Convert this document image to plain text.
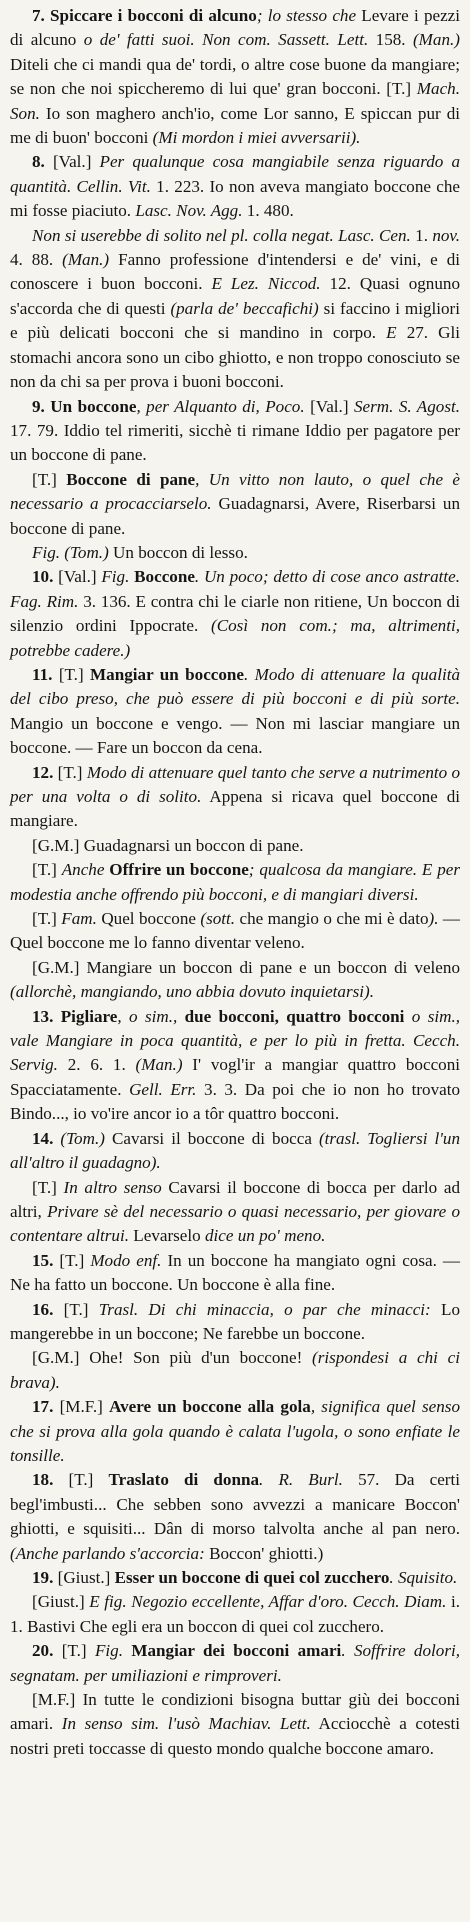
7. Spiccare i bocconi di alcuno; lo stesso che Levare i pezzi di alcuno o de' fatti suoi. Non com. Sassett. Lett. 158. (Man.) Diteli che ci mandi qua de' tordi, o altre cose buone da mangiare; se non che noi spiccheremo di lui que' gran bocconi. [T.] Mach. Son. Io son maghero anch'io, come Lor sanno, E spiccan pur di me di buon' bocconi (Mi mordon i miei avversarii).

8. [Val.] Per qualunque cosa mangiabile senza riguardo a quantità. Cellin. Vit. 1. 223. Io non aveva mangiato boccone che mi fosse piaciuto. Lasc. Nov. Agg. 1. 480.

Non si userebbe di solito nel pl. colla negat. Lasc. Cen. 1. nov. 4. 88. (Man.) Fanno professione d'intendersi e de' vini, e di conoscere i buon bocconi. E Lez. Niccod. 12. Quasi ognuno s'accorda che di questi (parla de' beccafichi) si faccino i migliori e più delicati bocconi che si mandino in corpo. E 27. Gli stomachi ancora sono un cibo ghiotto, e non troppo conosciuto se non da chi sa per prova i buoni bocconi.

9. Un boccone, per Alquanto di, Poco. [Val.] Serm. S. Agost. 17. 79. Iddio tel rimeriti, sicchè ti rimane Iddio per pagatore per un boccone di pane.

[T.] Boccone di pane, Un vitto non lauto, o quel che è necessario a procacciarselo. Guadagnarsi, Avere, Riserbarsi un boccone di pane.

Fig. (Tom.) Un boccon di lesso.

10. [Val.] Fig. Boccone. Un poco; detto di cose anco astratte. Fag. Rim. 3. 136. E contra chi le ciarle non ritiene, Un boccon di silenzio ordini Ippocrate. (Così non com.; ma, altrimenti, potrebbe cadere.)

11. [T.] Mangiar un boccone. Modo di attenuare la qualità del cibo preso, che può essere di più bocconi e di più sorte. Mangio un boccone e vengo. — Non mi lasciar mangiare un boccone. — Fare un boccon da cena.

12. [T.] Modo di attenuare quel tanto che serve a nutrimento o per una volta o di solito. Appena si ricava quel boccone di mangiare.

[G.M.] Guadagnarsi un boccon di pane.

[T.] Anche Offrire un boccone; qualcosa da mangiare. E per modestia anche offrendo più bocconi, e di mangiari diversi.

[T.] Fam. Quel boccone (sott. che mangio o che mi è dato). — Quel boccone me lo fanno diventar veleno.

[G.M.] Mangiare un boccon di pane e un boccon di veleno (allorchè, mangiando, uno abbia dovuto inquietarsi).

13. Pigliare, o sim., due bocconi, quattro bocconi o sim., vale Mangiare in poca quantità, e per lo più in fretta. Cecch. Servig. 2. 6. 1. (Man.) I' vogl'ir a mangiar quattro bocconi Spacciatamente. Gell. Err. 3. 3. Da poi che io non ho trovato Bindo..., io vo'ire ancor io a tôr quattro bocconi.

14. (Tom.) Cavarsi il boccone di bocca (trasl. Togliersi l'un all'altro il guadagno).

[T.] In altro senso Cavarsi il boccone di bocca per darlo ad altri, Privare sè del necessario o quasi necessario, per giovare o contentare altrui. Levarselo dice un po' meno.

15. [T.] Modo enf. In un boccone ha mangiato ogni cosa. — Ne ha fatto un boccone. Un boccone è alla fine.

16. [T.] Trasl. Di chi minaccia, o par che minacci: Lo mangerebbe in un boccone; Ne farebbe un boccone.

[G.M.] Ohe! Son più d'un boccone! (rispondesi a chi ci brava).

17. [M.F.] Avere un boccone alla gola, significa quel senso che si prova alla gola quando è calata l'ugola, o sono enfiate le tonsille.

18. [T.] Traslato di donna. R. Burl. 57. Da certi begl'imbusti... Che sebben sono avvezzi a manicare Boccon' ghiotti, e squisiti... Dân di morso talvolta anche al pan nero. (Anche parlando s'accorcia: Boccon' ghiotti.)

19. [Giust.] Esser un boccone di quei col zucchero. Squisito.

[Giust.] E fig. Negozio eccellente, Affar d'oro. Cecch. Diam. i. 1. Bastivi Che egli era un boccon di quei col zucchero.

20. [T.] Fig. Mangiar dei bocconi amari. Soffrire dolori, segnatam. per umiliazioni e rimproveri.

[M.F.] In tutte le condizioni bisogna buttar giù dei bocconi amari. In senso sim. l'usò Machiav. Lett. Acciocchè a cotesti nostri preti toccasse di questo mondo qualche boccone amaro.
